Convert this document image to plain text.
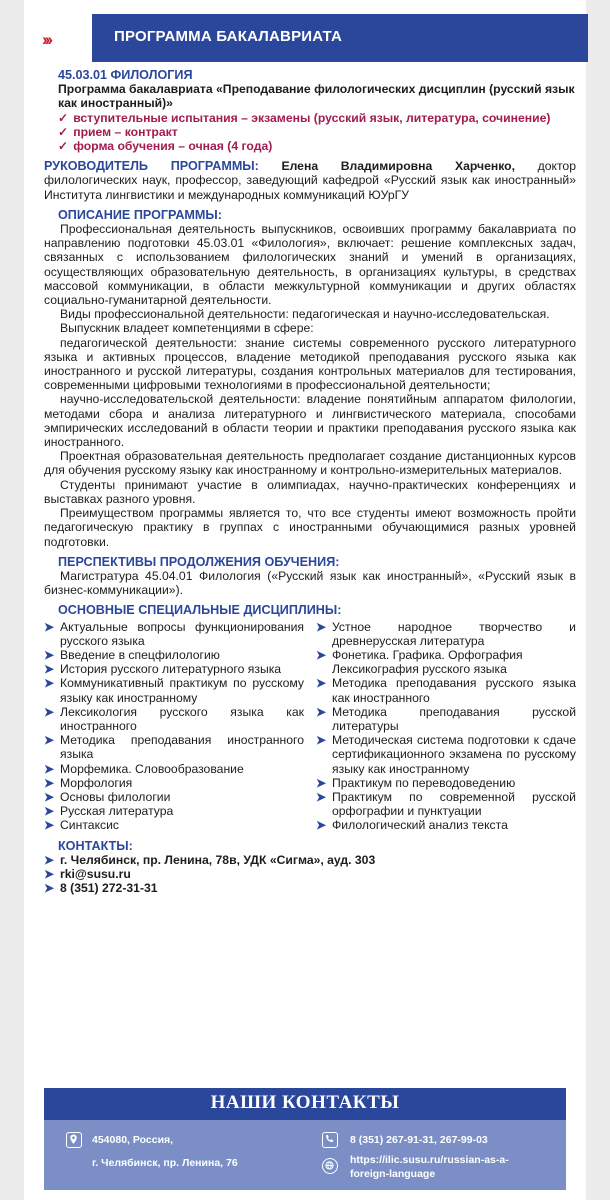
›››	ПРОГРАММА БАКАЛАВРИАТА
45.03.01 ФИЛОЛОГИЯ
Программа бакалавриата «Преподавание филологических дисциплин (русский язык как иностранный)»
✓ вступительные испытания – экзамены (русский язык, литература, сочинение)
✓ прием – контракт
✓ форма обучения – очная (4 года)
РУКОВОДИТЕЛЬ ПРОГРАММЫ: Елена Владимировна Харченко, доктор филологических наук, профессор, заведующий кафедрой «Русский язык как иностранный» Института лингвистики и международных коммуникаций ЮУрГУ
ОПИСАНИЕ ПРОГРАММЫ:
Профессиональная деятельность выпускников, освоивших программу бакалавриата по направлению подготовки 45.03.01 «Филология», включает: решение комплексных задач, связанных с использованием филологических знаний и умений в организациях, осуществляющих образовательную деятельность, в организациях культуры, в средствах массовой коммуникации, в области межкультурной коммуникации и других областях социально-гуманитарной деятельности.
Виды профессиональной деятельности: педагогическая и научно-исследовательская.
Выпускник владеет компетенциями в сфере:
педагогической деятельности: знание системы современного русского литературного языка и активных процессов, владение методикой преподавания русского языка как иностранного и русской литературы, создания контрольных материалов для тестирования, современными цифровыми технологиями в профессиональной деятельности;
научно-исследовательской деятельности: владение понятийным аппаратом филологии, методами сбора и анализа литературного и лингвистического материала, способами эмпирических исследований в области теории и практики преподавания русского языка как иностранного.
Проектная образовательная деятельность предполагает создание дистанционных курсов для обучения русскому языку как иностранному и контрольно-измерительных материалов.
Студенты принимают участие в олимпиадах, научно-практических конференциях и выставках разного уровня.
Преимуществом программы является то, что все студенты имеют возможность пройти педагогическую практику в группах с иностранными обучающимися разных уровней подготовки.
ПЕРСПЕКТИВЫ ПРОДОЛЖЕНИЯ ОБУЧЕНИЯ:
Магистратура 45.04.01 Филология («Русский язык как иностранный», «Русский язык в бизнес-коммуникации»).
ОСНОВНЫЕ СПЕЦИАЛЬНЫЕ ДИСЦИПЛИНЫ:
➤ Актуальные вопросы функционирования русского языка
➤ Введение в спецфилологию
➤ История русского литературного языка
➤ Коммуникативный практикум по русскому языку как иностранному
➤ Лексикология русского языка как иностранного
➤ Методика преподавания иностранного языка
➤ Морфемика. Словообразование
➤ Морфология
➤ Основы филологии
➤ Русская литература
➤ Синтаксис
➤ Устное народное творчество и древнерусская литература
➤ Фонетика. Графика. Орфография
Лексикография русского языка
➤ Методика преподавания русского языка как иностранного
➤ Методика преподавания русской литературы
➤ Методическая система подготовки к сдаче сертификационного экзамена по русскому языку как иностранному
➤ Практикум по переводоведению
➤ Практикум по современной русской орфографии и пунктуации
➤ Филологический анализ текста
КОНТАКТЫ:
➤ г. Челябинск, пр. Ленина, 78в, УДК «Сигма», ауд. 303
➤ rki@susu.ru
➤ 8 (351) 272-31-31
НАШИ КОНТАКТЫ
454080, Россия,
г. Челябинск, пр. Ленина, 76
8 (351) 267-91-31, 267-99-03
https://ilic.susu.ru/russian-as-a-
foreign-language
